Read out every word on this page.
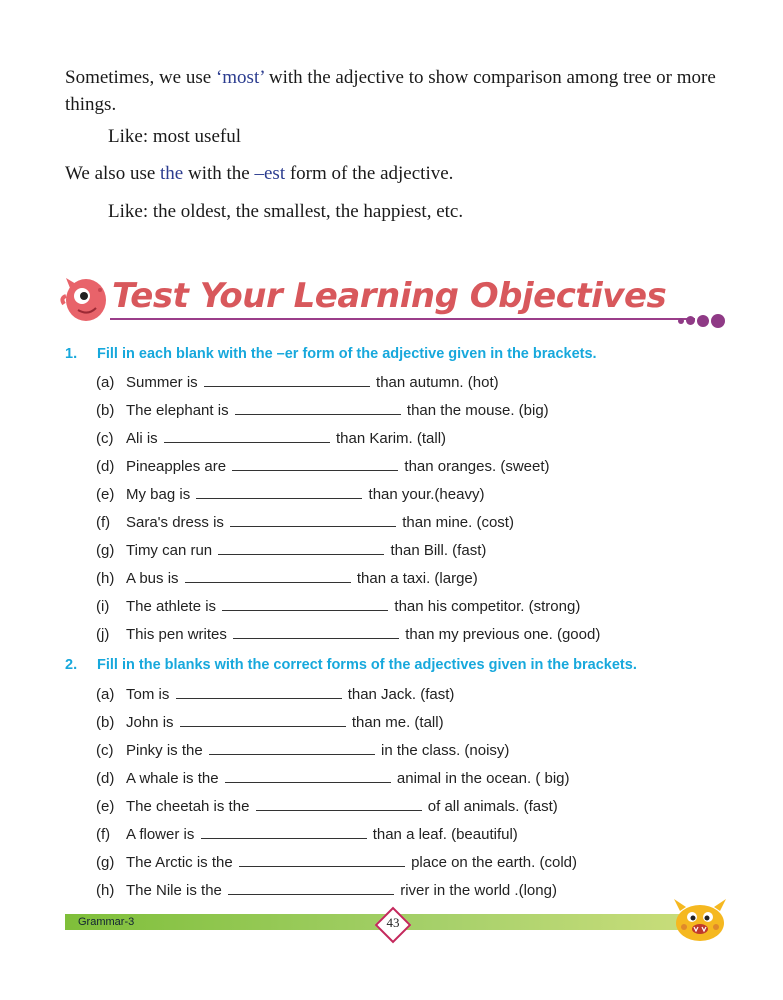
Sometimes, we use ‘most’ with the adjective to show comparison among tree or more things.
Like: most useful
We also use the with the –est form of the adjective.
Like: the oldest, the smallest, the happiest, etc.
Test Your Learning Objectives
1. Fill in each blank with the –er form of the adjective given in the brackets.
(a) Summer is	than autumn. (hot)
(b) The elephant is	than the mouse. (big)
(c) Ali is	than Karim. (tall)
(d) Pineapples are	than oranges. (sweet)
(e) My bag is	than your.(heavy)
(f) Sara's dress is	than mine. (cost)
(g) Timy can run	than Bill. (fast)
(h) A bus is	than a taxi. (large)
(i) The athlete is	than his competitor. (strong)
(j) This pen writes	than my previous one. (good)
2. Fill in the blanks with the correct forms of the adjectives given in the brackets.
(a) Tom is	than Jack. (fast)
(b) John is	than me. (tall)
(c) Pinky is the	in the class. (noisy)
(d) A whale is the	animal in the ocean. ( big)
(e) The cheetah is the	of all animals. (fast)
(f) A flower is	than a leaf. (beautiful)
(g) The Arctic is the	place on the earth. (cold)
(h) The Nile is the	river in the world .(long)
Grammar-3	43
